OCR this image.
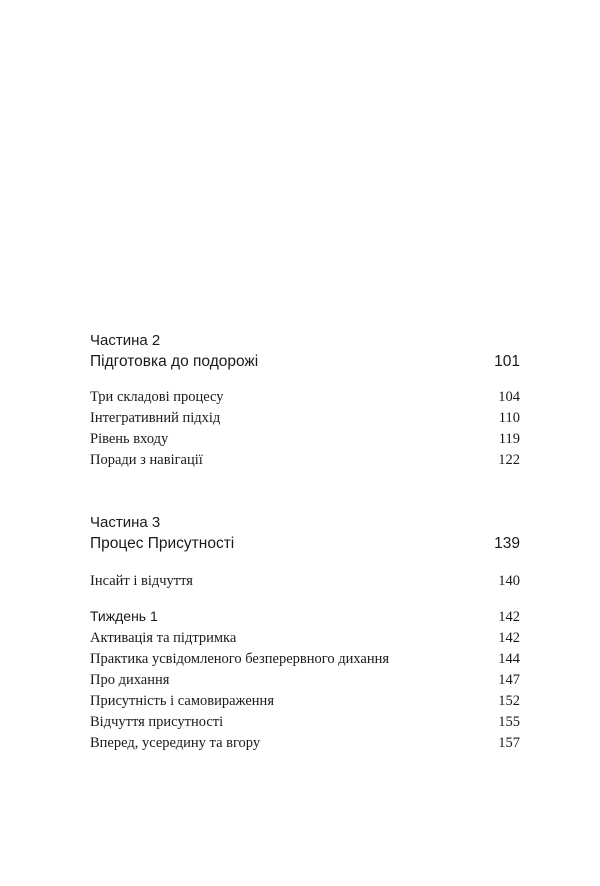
Частина 2

Підготовка до подорожі	101
Три складові процесу	104
Інтегративний підхід	110
Рівень входу	119
Поради з навігації	122

Частина 3

Процес Присутності	139
Інсайт і відчуття	140
Тиждень 1	142
Активація та підтримка	142
Практика усвідомленого безперервного дихання	144
Про дихання	147
Присутність і самовираження	152
Відчуття присутності	155
Вперед, усередину та вгору	157
